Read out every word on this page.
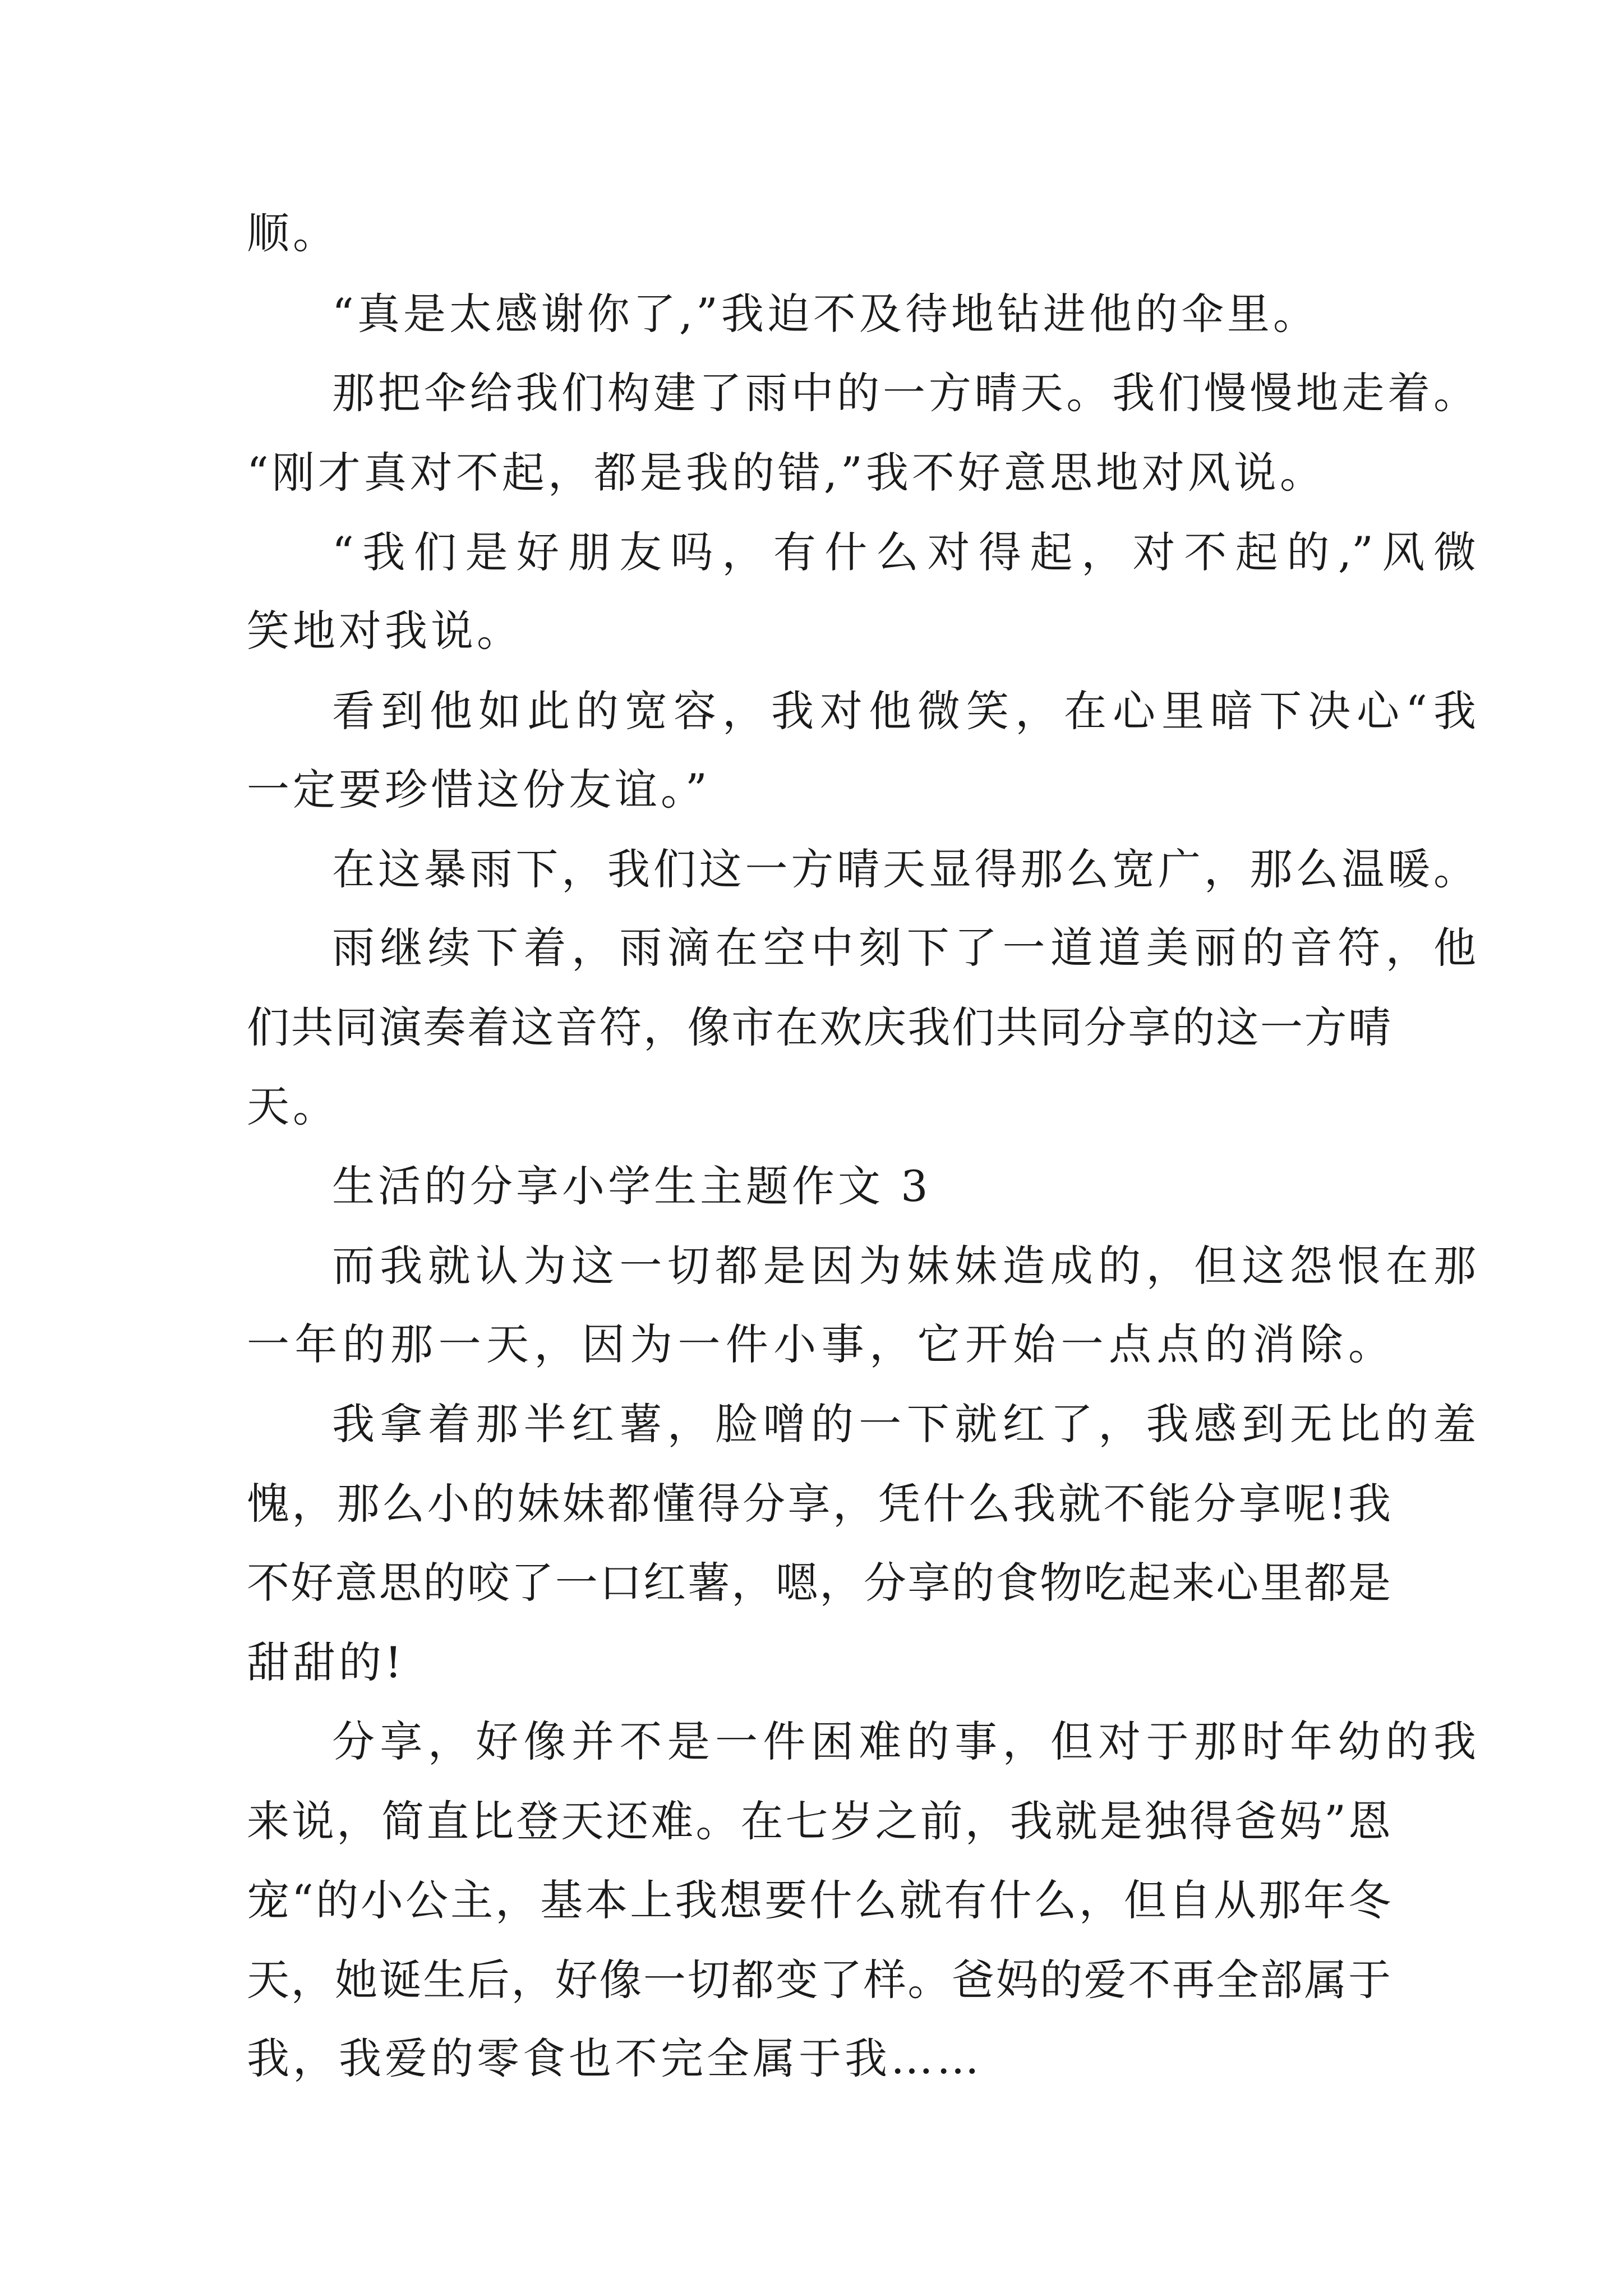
顺。
“真是太感谢你了,”我迫不及待地钻进他的伞里。
那把伞给我们构建了雨中的一方晴天。我们慢慢地走着。
“刚才真对不起，都是我的错,”我不好意思地对风说。
“我们是好朋友吗，有什么对得起，对不起的,”风微
笑地对我说。
看到他如此的宽容，我对他微笑，在心里暗下决心“我
一定要珍惜这份友谊。”
在这暴雨下，我们这一方晴天显得那么宽广，那么温暖。
雨继续下着，雨滴在空中刻下了一道道美丽的音符，他
们共同演奏着这音符，像市在欢庆我们共同分享的这一方晴
天。
生活的分享小学生主题作文 3
而我就认为这一切都是因为妹妹造成的，但这怨恨在那
一年的那一天，因为一件小事，它开始一点点的消除。
我拿着那半红薯，脸噌的一下就红了，我感到无比的羞
愧，那么小的妹妹都懂得分享，凭什么我就不能分享呢!我
不好意思的咬了一口红薯，嗯，分享的食物吃起来心里都是
甜甜的!
分享，好像并不是一件困难的事，但对于那时年幼的我
来说，简直比登天还难。在七岁之前，我就是独得爸妈”恩
宠“的小公主，基本上我想要什么就有什么，但自从那年冬
天，她诞生后，好像一切都变了样。爸妈的爱不再全部属于
我，我爱的零食也不完全属于我……
